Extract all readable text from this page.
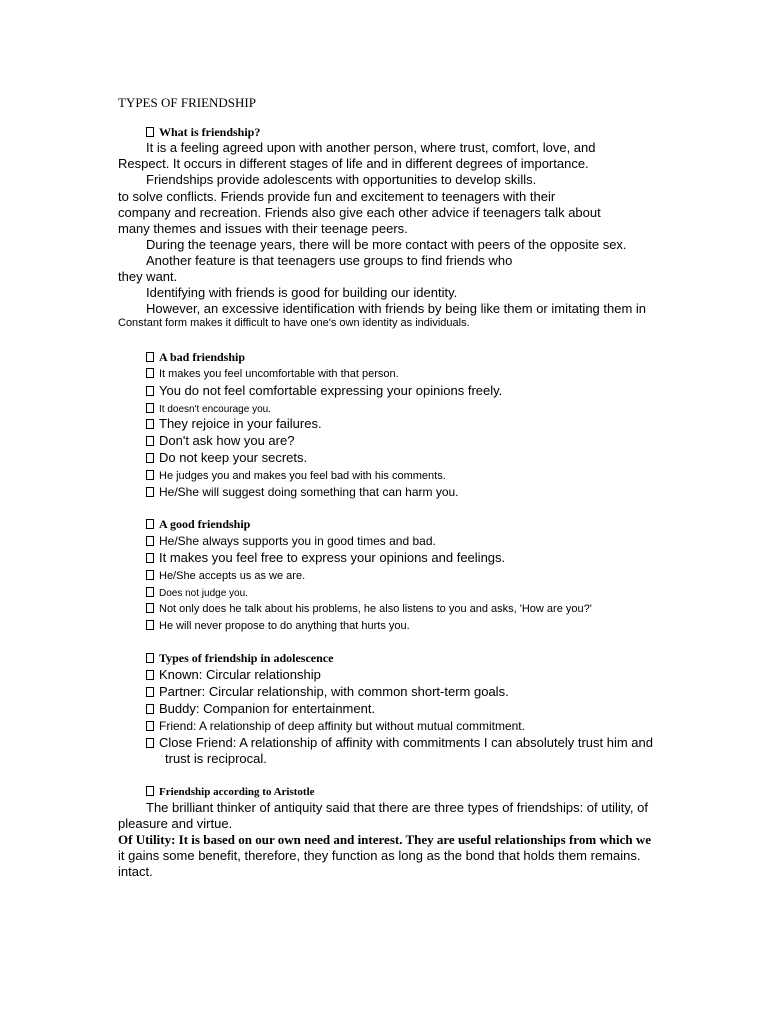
TYPES OF FRIENDSHIP
What is friendship?
It is a feeling agreed upon with another person, where trust, comfort, love, and
Respect. It occurs in different stages of life and in different degrees of importance.
Friendships provide adolescents with opportunities to develop skills.
to solve conflicts. Friends provide fun and excitement to teenagers with their
company and recreation. Friends also give each other advice if teenagers talk about
many themes and issues with their teenage peers.
During the teenage years, there will be more contact with peers of the opposite sex.
Another feature is that teenagers use groups to find friends who
they want.
Identifying with friends is good for building our identity.
However, an excessive identification with friends by being like them or imitating them in
Constant form makes it difficult to have one's own identity as individuals.
A bad friendship
It makes you feel uncomfortable with that person.
You do not feel comfortable expressing your opinions freely.
It doesn't encourage you.
They rejoice in your failures.
Don't ask how you are?
Do not keep your secrets.
He judges you and makes you feel bad with his comments.
He/She will suggest doing something that can harm you.
A good friendship
He/She always supports you in good times and bad.
It makes you feel free to express your opinions and feelings.
He/She accepts us as we are.
Does not judge you.
Not only does he talk about his problems, he also listens to you and asks, 'How are you?'
He will never propose to do anything that hurts you.
Types of friendship in adolescence
Known: Circular relationship
Partner: Circular relationship, with common short-term goals.
Buddy: Companion for entertainment.
Friend: A relationship of deep affinity but without mutual commitment.
Close Friend: A relationship of affinity with commitments I can absolutely trust him and
trust is reciprocal.
Friendship according to Aristotle
The brilliant thinker of antiquity said that there are three types of friendships: of utility, of
pleasure and virtue.
Of Utility: It is based on our own need and interest. They are useful relationships from which we
it gains some benefit, therefore, they function as long as the bond that holds them remains.
intact.
